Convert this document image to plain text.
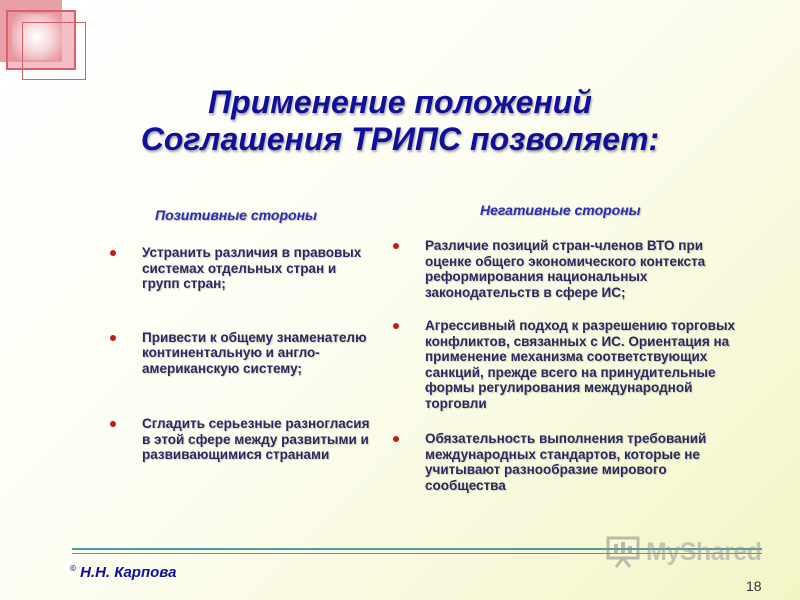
Применение положений
Соглашения ТРИПС позволяет:
Позитивные стороны
Устранить различия в правовых системах отдельных стран и групп стран;
Привести к общему знаменателю континентальную и англо-американскую систему;
Сгладить серьезные разногласия в этой сфере между развитыми и развивающимися странами
Негативные стороны
Различие позиций стран-членов ВТО при оценке общего экономического контекста реформирования национальных законодательств в сфере ИС;
Агрессивный подход к разрешению торговых конфликтов, связанных с ИС. Ориентация на применение механизма соответствующих санкций, прежде всего на принудительные формы регулирования международной торговли
Обязательность выполнения требований международных стандартов, которые не учитывают разнообразие мирового сообщества
© Н.Н. Карпова
18
MyShared
